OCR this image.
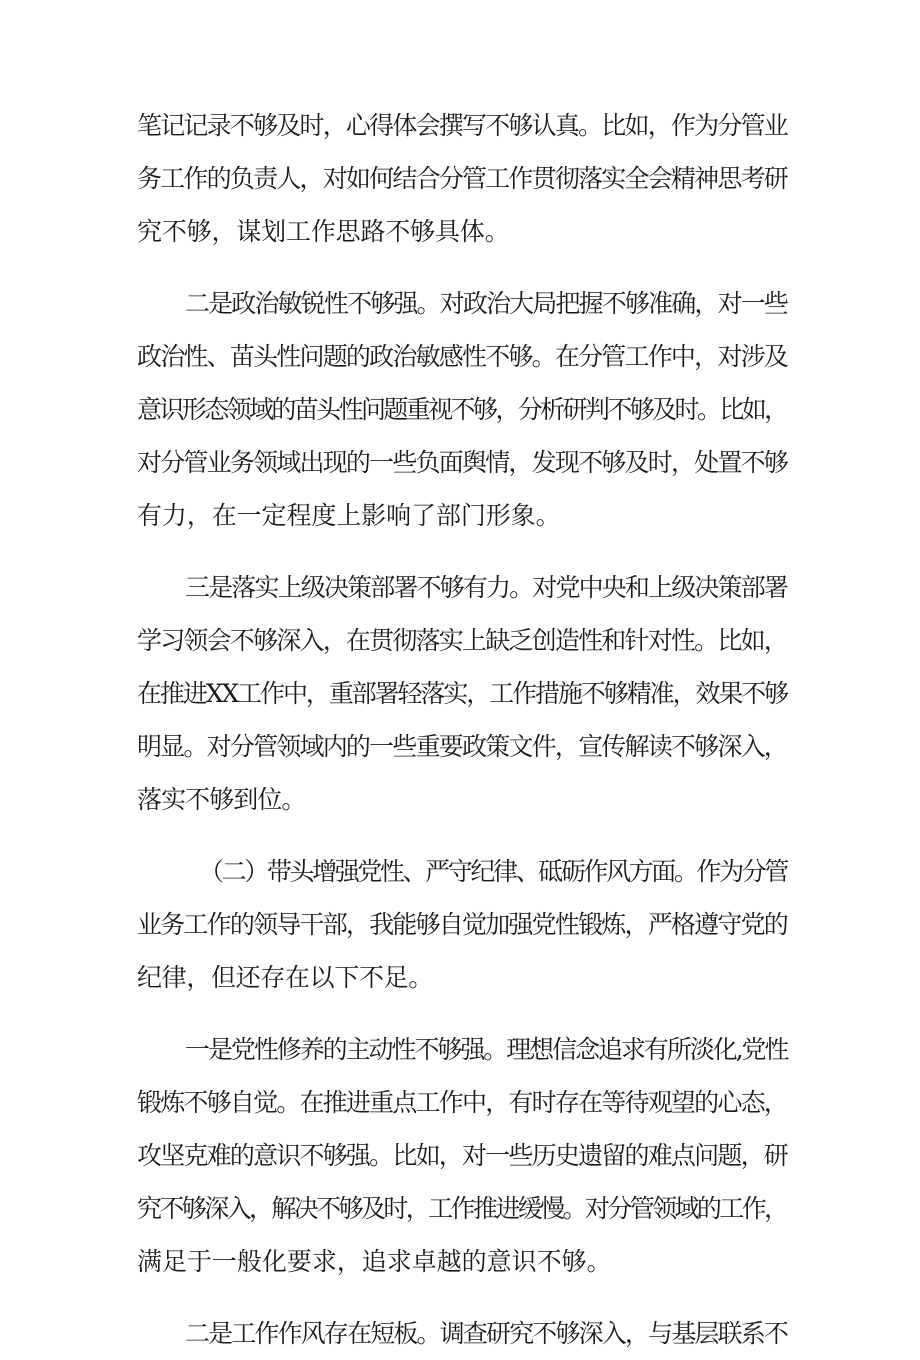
笔记记录不够及时，心得体会撰写不够认真。比如，作为分管业
务工作的负责人，对如何结合分管工作贯彻落实全会精神思考研
究不够，谋划工作思路不够具体。
二是政治敏锐性不够强。对政治大局把握不够准确，对一些
政治性、苗头性问题的政治敏感性不够。在分管工作中，对涉及
意识形态领域的苗头性问题重视不够，分析研判不够及时。比如，
对分管业务领域出现的一些负面舆情，发现不够及时，处置不够
有力，在一定程度上影响了部门形象。
三是落实上级决策部署不够有力。对党中央和上级决策部署
学习领会不够深入，在贯彻落实上缺乏创造性和针对性。比如，
在推进XX工作中，重部署轻落实，工作措施不够精准，效果不够
明显。对分管领域内的一些重要政策文件，宣传解读不够深入，
落实不够到位。
（二）带头增强党性、严守纪律、砥砺作风方面。作为分管
业务工作的领导干部，我能够自觉加强党性锻炼，严格遵守党的
纪律，但还存在以下不足。
一是党性修养的主动性不够强。理想信念追求有所淡化,党性
锻炼不够自觉。在推进重点工作中，有时存在等待观望的心态，
攻坚克难的意识不够强。比如，对一些历史遗留的难点问题，研
究不够深入，解决不够及时，工作推进缓慢。对分管领域的工作，
满足于一般化要求，追求卓越的意识不够。
二是工作作风存在短板。调查研究不够深入，与基层联系不
